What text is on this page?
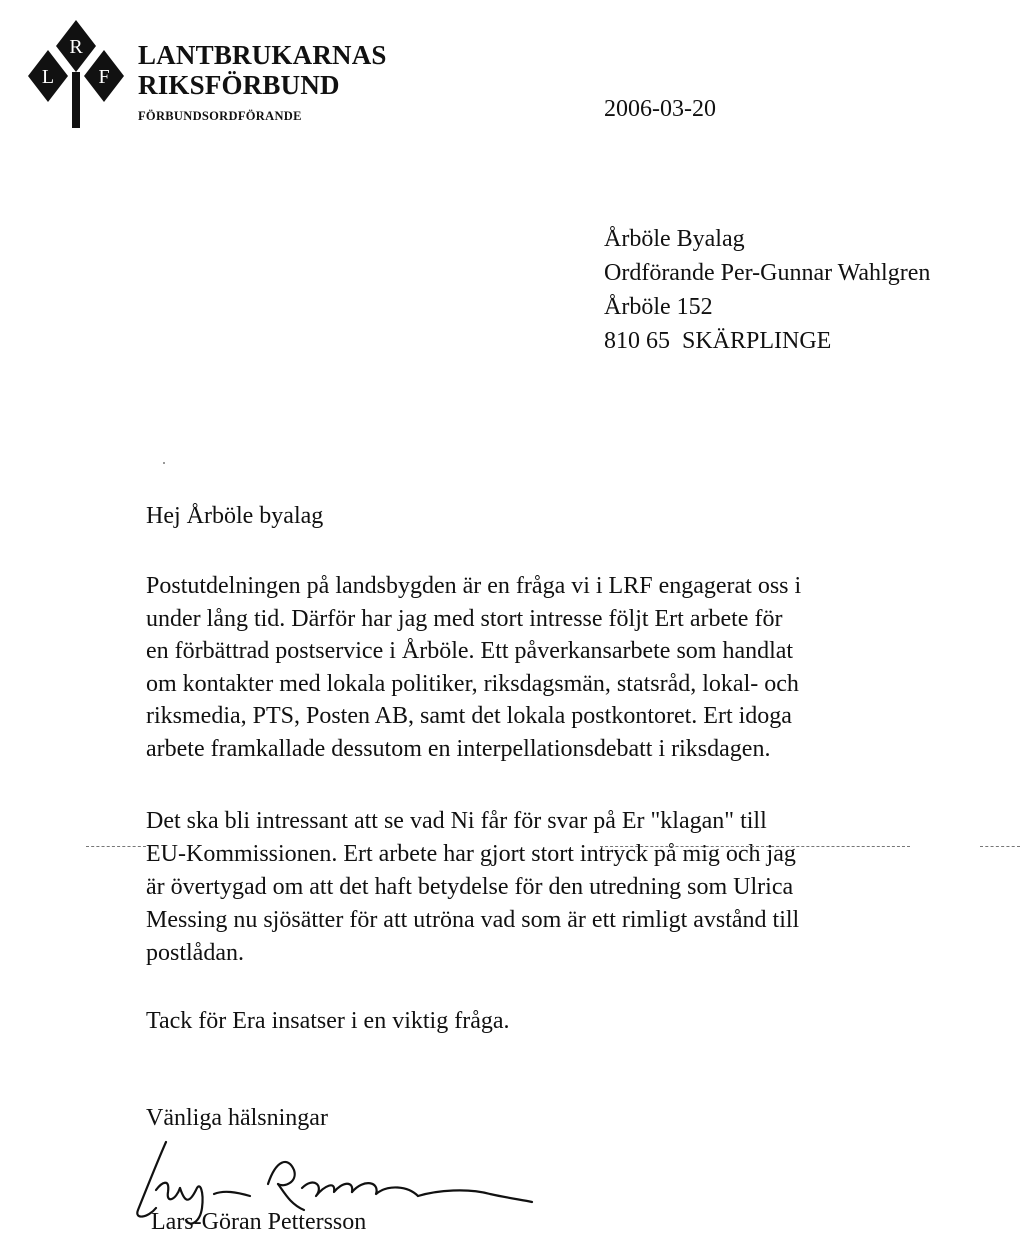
R
L F
LANTBRUKARNAS
RIKSFÖRBUND
FÖRBUNDSORDFÖRANDE	2006-03-20
Årböle Byalag
Ordförande Per-Gunnar Wahlgren
Årböle 152
810 65  SKÄRPLINGE
Hej Årböle byalag
Postutdelningen på landsbygden är en fråga vi i LRF engagerat oss i
under lång tid. Därför har jag med stort intresse följt Ert arbete för
en förbättrad postservice i Årböle. Ett påverkansarbete som handlat
om kontakter med lokala politiker, riksdagsmän, statsråd, lokal- och
riksmedia, PTS, Posten AB, samt det lokala postkontoret. Ert idoga
arbete framkallade dessutom en interpellationsdebatt i riksdagen.
Det ska bli intressant att se vad Ni får för svar på Er "klagan" till
EU-Kommissionen. Ert arbete har gjort stort intryck på mig och jag
är övertygad om att det haft betydelse för den utredning som Ulrica
Messing nu sjösätter för att utröna vad som är ett rimligt avstånd till
postlådan.
Tack för Era insatser i en viktig fråga.
Vänliga hälsningar
Lars-Göran Pettersson
